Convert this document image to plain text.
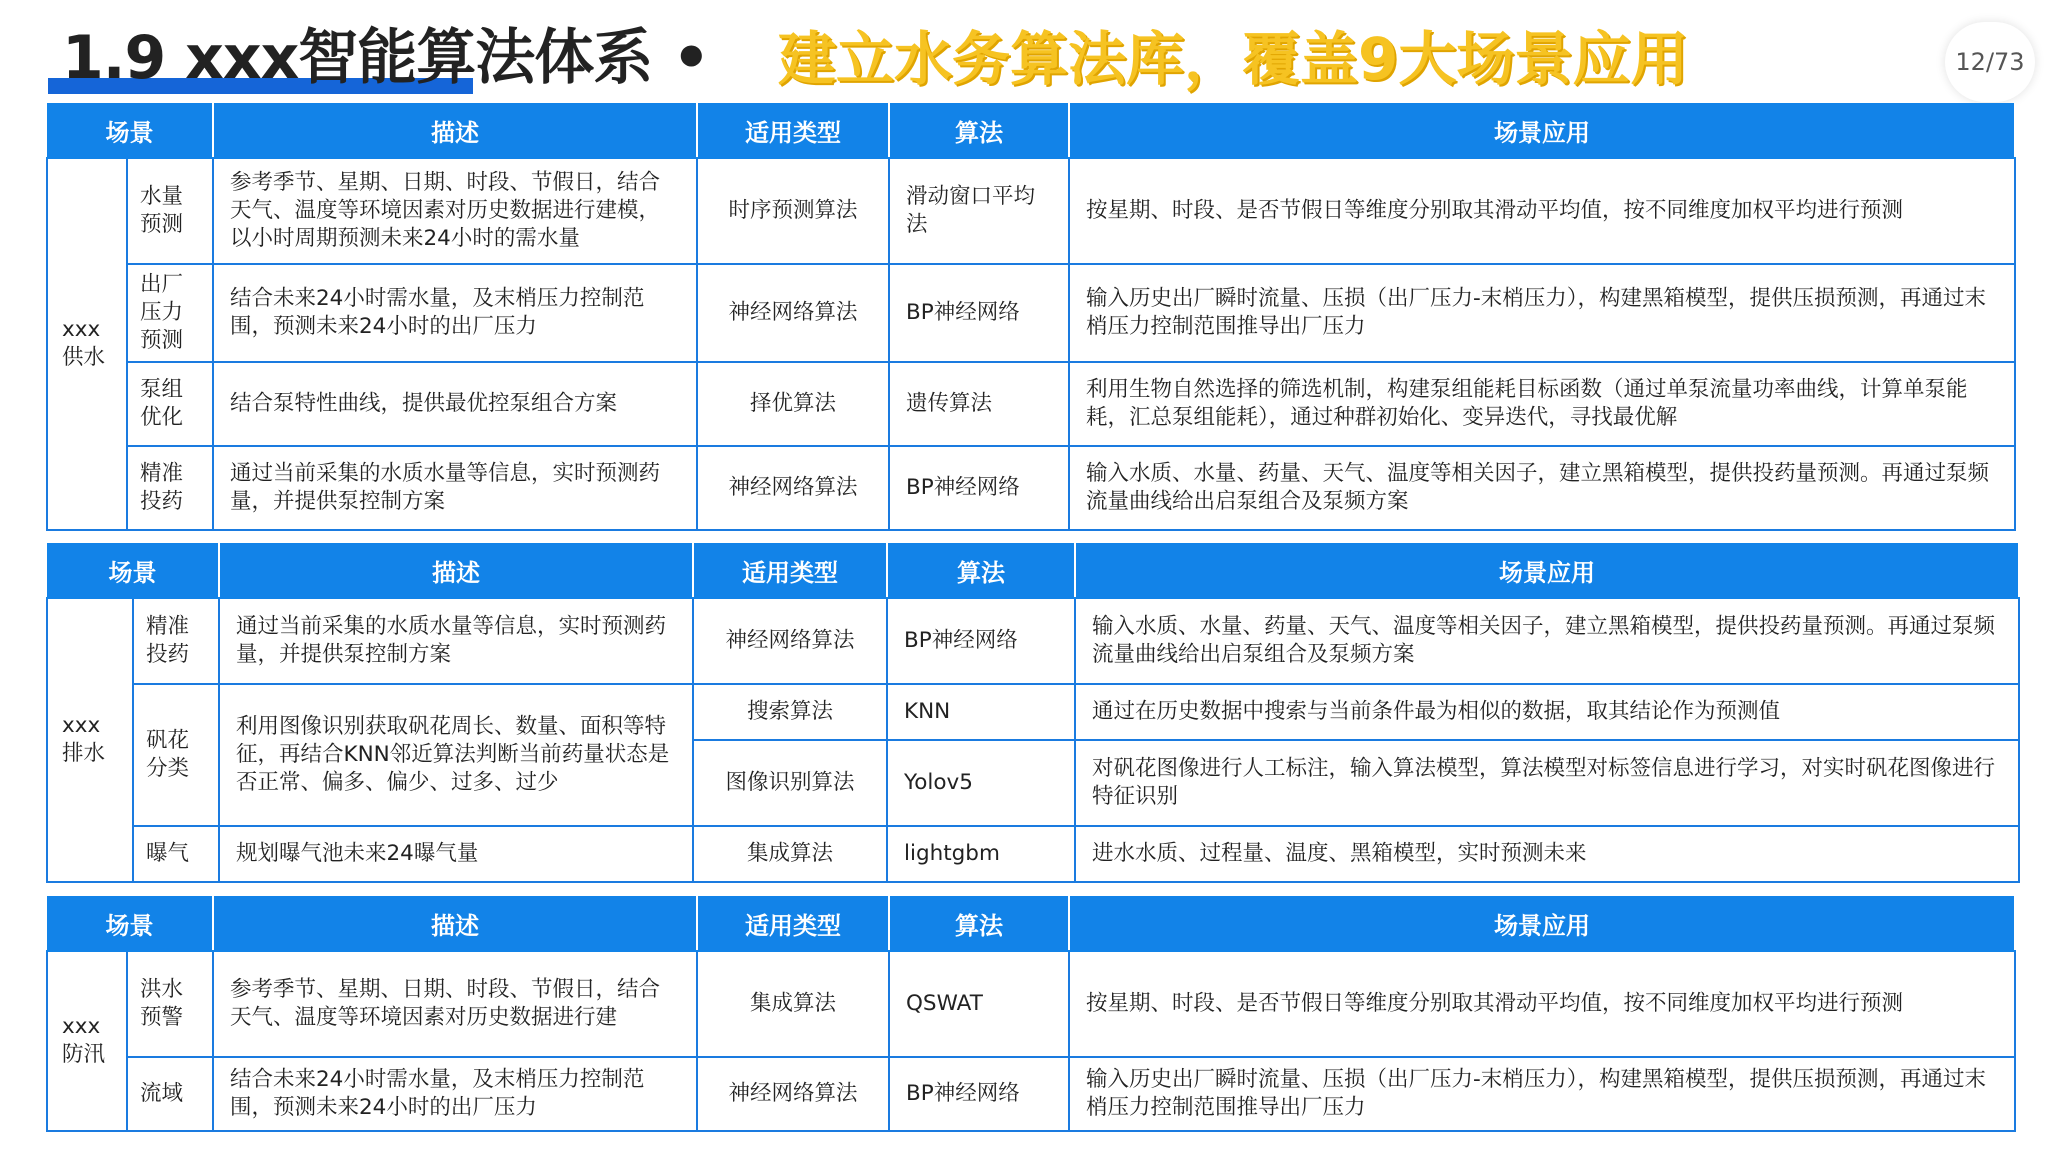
1.9 xxx智能算法体系 • 建立水务算法库，覆盖9大场景应用	12/73
场景		描述	适用类型	算法	场景应用
xxx供水	水量预测	参考季节、星期、日期、时段、节假日，结合天气、温度等环境因素对历史数据进行建模，以小时周期预测未来24小时的需水量	时序预测算法	滑动窗口平均法	按星期、时段、是否节假日等维度分别取其滑动平均值，按不同维度加权平均进行预测
	出厂压力预测	结合未来24小时需水量，及末梢压力控制范围，预测未来24小时的出厂压力	神经网络算法	BP神经网络	输入历史出厂瞬时流量、压损（出厂压力-末梢压力），构建黑箱模型，提供压损预测，再通过末梢压力控制范围推导出厂压力
	泵组优化	结合泵特性曲线，提供最优控泵组合方案	择优算法	遗传算法	利用生物自然选择的筛选机制，构建泵组能耗目标函数（通过单泵流量功率曲线，计算单泵能耗，汇总泵组能耗），通过种群初始化、变异迭代，寻找最优解
	精准投药	通过当前采集的水质水量等信息，实时预测药量，并提供泵控制方案	神经网络算法	BP神经网络	输入水质、水量、药量、天气、温度等相关因子，建立黑箱模型，提供投药量预测。再通过泵频流量曲线给出启泵组合及泵频方案
场景		描述	适用类型	算法	场景应用
xxx排水	精准投药	通过当前采集的水质水量等信息，实时预测药量，并提供泵控制方案	神经网络算法	BP神经网络	输入水质、水量、药量、天气、温度等相关因子，建立黑箱模型，提供投药量预测。再通过泵频流量曲线给出启泵组合及泵频方案
	矾花分类	利用图像识别获取矾花周长、数量、面积等特征，再结合KNN邻近算法判断当前药量状态是否正常、偏多、偏少、过多、过少	搜索算法	KNN	通过在历史数据中搜索与当前条件最为相似的数据，取其结论作为预测值
			图像识别算法	Yolov5	对矾花图像进行人工标注，输入算法模型，算法模型对标签信息进行学习，对实时矾花图像进行特征识别
	曝气	规划曝气池未来24曝气量	集成算法	lightgbm	进水水质、过程量、温度、黑箱模型，实时预测未来
场景		描述	适用类型	算法	场景应用
xxx防汛	洪水预警	参考季节、星期、日期、时段、节假日，结合天气、温度等环境因素对历史数据进行建	集成算法	QSWAT	按星期、时段、是否节假日等维度分别取其滑动平均值，按不同维度加权平均进行预测
	流域	结合未来24小时需水量，及末梢压力控制范围，预测未来24小时的出厂压力	神经网络算法	BP神经网络	输入历史出厂瞬时流量、压损（出厂压力-末梢压力），构建黑箱模型，提供压损预测，再通过末梢压力控制范围推导出厂压力
